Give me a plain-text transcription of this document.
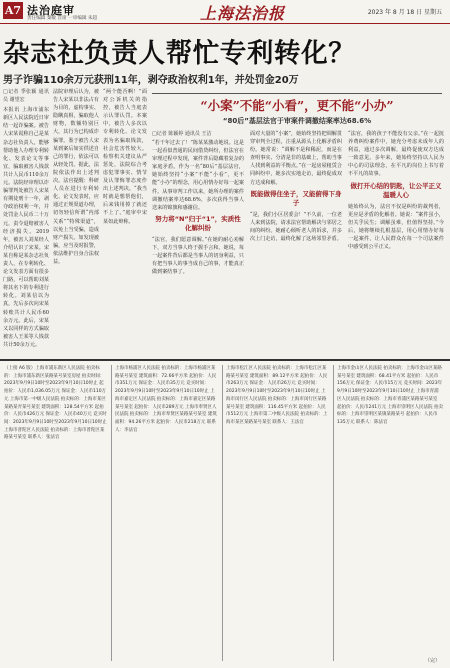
A7 法治庭审
责任编辑 秦敏 首席 一审编辑 朱超	上海法治报	2023 年 8 月 18 日 星期五
杂志社负责人帮忙专利转化？
男子诈骗110余万元获刑11年，剥夺政治权利1年，并处罚金20万
□记者 季张颖 通讯员 谢望宏
本报讯 上海市浦东新区人民法院近日审结一起诈骗案。被告人宋某谎称自己是某杂志社负责人，能够帮助他人办理专利转化、发表论文等事宜，骗取被害人钱款共计人民币110余万元。法院经审理以诈骗罪判处被告人宋某有期徒刑十一年，剥夺政治权利一年，并处罚金人民币二十万元，责令退赔被害人经济损失。2019年，被害人刘某经人介绍认识了宋某。宋某自称是某杂志社负责人，在专利转化、论文发表方面有很多门路，可以帮助刘某将其名下的专利进行转化。刘某信以为真，先后多次向宋某转账共计人民币60余万元。此后，宋某又以同样的方式骗取被害人王某等人钱款共计50余万元。
法院审理后认为，被告人宋某以非法占有为目的，虚构事实、隐瞒真相，骗取他人财物，数额特别巨大，其行为已构成诈骗罪。鉴于被告人宋某到案后如实供述自己的罪行，依法可以从轻处罚。据此，法院依法作出上述判决。法官提醒：科研人员在进行专利转化、论文发表时，应通过正规渠道办理，切勿轻信所谓“内部关系”“特殊渠道”，以免上当受骗，造成财产损失。如发现被骗，应当及时报警，依法维护自身合法权益。
“两个能否啊！”面对公诉机关的指控，被告人当庭表示认罪认罚。本案中，被告人多次以专利转化、论文发表为名骗取钱款，社会危害性较大。检察机关建议从严惩处，法院综合考虑犯罪事实、情节及认罪悔罪态度作出上述判决。“我当时就是想帮他们，后来钱用掉了就还不上了。”庭审中宋某如此辩称。
“小案”不能“小看”，更不能“小办”
“80后”基层法官于审案件调撤结案率达68.6%
□记者 陈颖婷 通讯员 王洁
“若干年过去了！”陈某某激动地说。这是一起看似普通的民间借贷纠纷，但法官在审理过程中发现，案件背后隐藏着复杂的家庭矛盾。作为一名“80后”基层法官，她始终坚持“小案”不能“小看”，更不能“小办”的理念，用心用情办好每一起案件。从事审判工作以来，她所办理的案件调撤结案率达68.6%，多次获得当事人送来的锦旗和感谢信。
努力将“N”归于“1”，实质性化解纠纷
“法官，我们愿意调解。”在她的耐心劝解下，双方当事人终于握手言和。她说，每一起案件背后都是当事人的切身利益，只有把当事人的事当成自己的事，才能真正做到案结事了。
面对大量的“小案”，她始终坚持把调解贯穿审判全过程，注重从源头上化解矛盾纠纷。她常说：“调解不是和稀泥，而是在查明事实、分清是非的基础上，帮助当事人找到利益的平衡点。”在一起房屋租赁合同纠纷中，她多次实地走访，最终促成双方达成和解。
既能做得住坐子，又能俯得下身子
“是，我们小区居委会！”不久前，一位老人来到法院，请求法官帮助解决与邻居之间的纠纷。她耐心倾听老人的诉求，并多次上门走访，最终化解了这场邻里矛盾。
“法官，我的孩子不能没有父亲。”在一起抚养费纠纷案件中，她充分考虑未成年人的利益，通过多次调解，最终促使双方达成一致意见。多年来，她始终坚持以人民为中心的司法理念，在平凡的岗位上书写着不平凡的故事。
做打开心结的钥匙，让公平正义温暖人心
她始终认为，法官不仅是纠纷的裁判者，更应是矛盾的化解者。她说：“案件虽小，但关乎民生；调解虽难，但值得坚持。”今后，她将继续扎根基层，用心用情办好每一起案件，让人民群众在每一个司法案件中感受到公平正义。
（上接 A6 版）上海市浦东新区人民法院 拍卖标的：上海市浦东新区某路某号某室房屋 拍卖时间：2023年9月9日10时至2023年9月10日10时止 起拍价：人民币1,036.05万元 保证金：人民币110万元 上海市第一中级人民法院 拍卖标的：上海市某区某路某弄某号某室 建筑面积：128.54平方米 起拍价：人民币426万元 保证金：人民币40万元 竞买时间：2023年9月9日10时至2023年9月10日10时止 上海市普陀区人民法院 拍卖标的：上海市普陀区某路某号某室 联系人：张法官
上海市杨浦区人民法院 拍卖标的：上海市杨浦区某路某号某室 建筑面积：72.66平方米 起拍价：人民币351万元 保证金：人民币35万元 竞买时间：2023年9月9日10时至2023年9月10日10时止 上海市嘉定区人民法院 拍卖标的：上海市嘉定区某路某号某室 起拍价：人民币289万元 上海市奉贤区人民法院 拍卖标的：上海市奉贤区某路某号某室 建筑面积：94.26平方米 起拍价：人民币218万元 联系人：李法官
上海市松江区人民法院 拍卖标的：上海市松江区某路某号某室 建筑面积：89.12平方米 起拍价：人民币263万元 保证金：人民币26万元 竞买时间：2023年9月9日10时至2023年9月10日10时止 上海市闵行区人民法院 拍卖标的：上海市闵行区某路某号某室 建筑面积：116.45平方米 起拍价：人民币512万元 上海市第二中级人民法院 拍卖标的：上海市某区某路某号某室 联系人：王法官
上海市金山区人民法院 拍卖标的：上海市金山区某路某号某室 建筑面积：68.41平方米 起拍价：人民币156万元 保证金：人民币15万元 竞买时间：2023年9月9日10时至2023年9月10日10时止 上海市青浦区人民法院 拍卖标的：上海市青浦区某路某号某室 起拍价：人民币241万元 上海市崇明区人民法院 拍卖标的：上海市崇明区某镇某路某号 起拍价：人民币135万元 联系人：陈法官
（完）
